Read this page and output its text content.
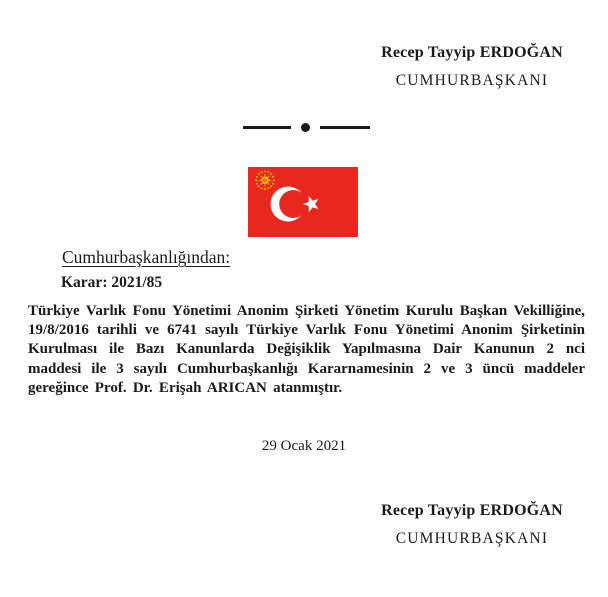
Recep Tayyip ERDOĞAN
CUMHURBAŞKANI
Cumhurbaşkanlığından:
Karar: 2021/85
Türkiye Varlık Fonu Yönetimi Anonim Şirketi Yönetim Kurulu Başkan Vekilliğine, 19/8/2016 tarihli ve 6741 sayılı Türkiye Varlık Fonu Yönetimi Anonim Şirketinin Kurulması ile Bazı Kanunlarda Değişiklik Yapılmasına Dair Kanunun 2 nci maddesi ile 3 sayılı Cumhurbaşkanlığı Kararnamesinin 2 ve 3 üncü maddeler gereğince Prof. Dr. Erişah ARICAN atanmıştır.
29 Ocak 2021
Recep Tayyip ERDOĞAN
CUMHURBAŞKANI
